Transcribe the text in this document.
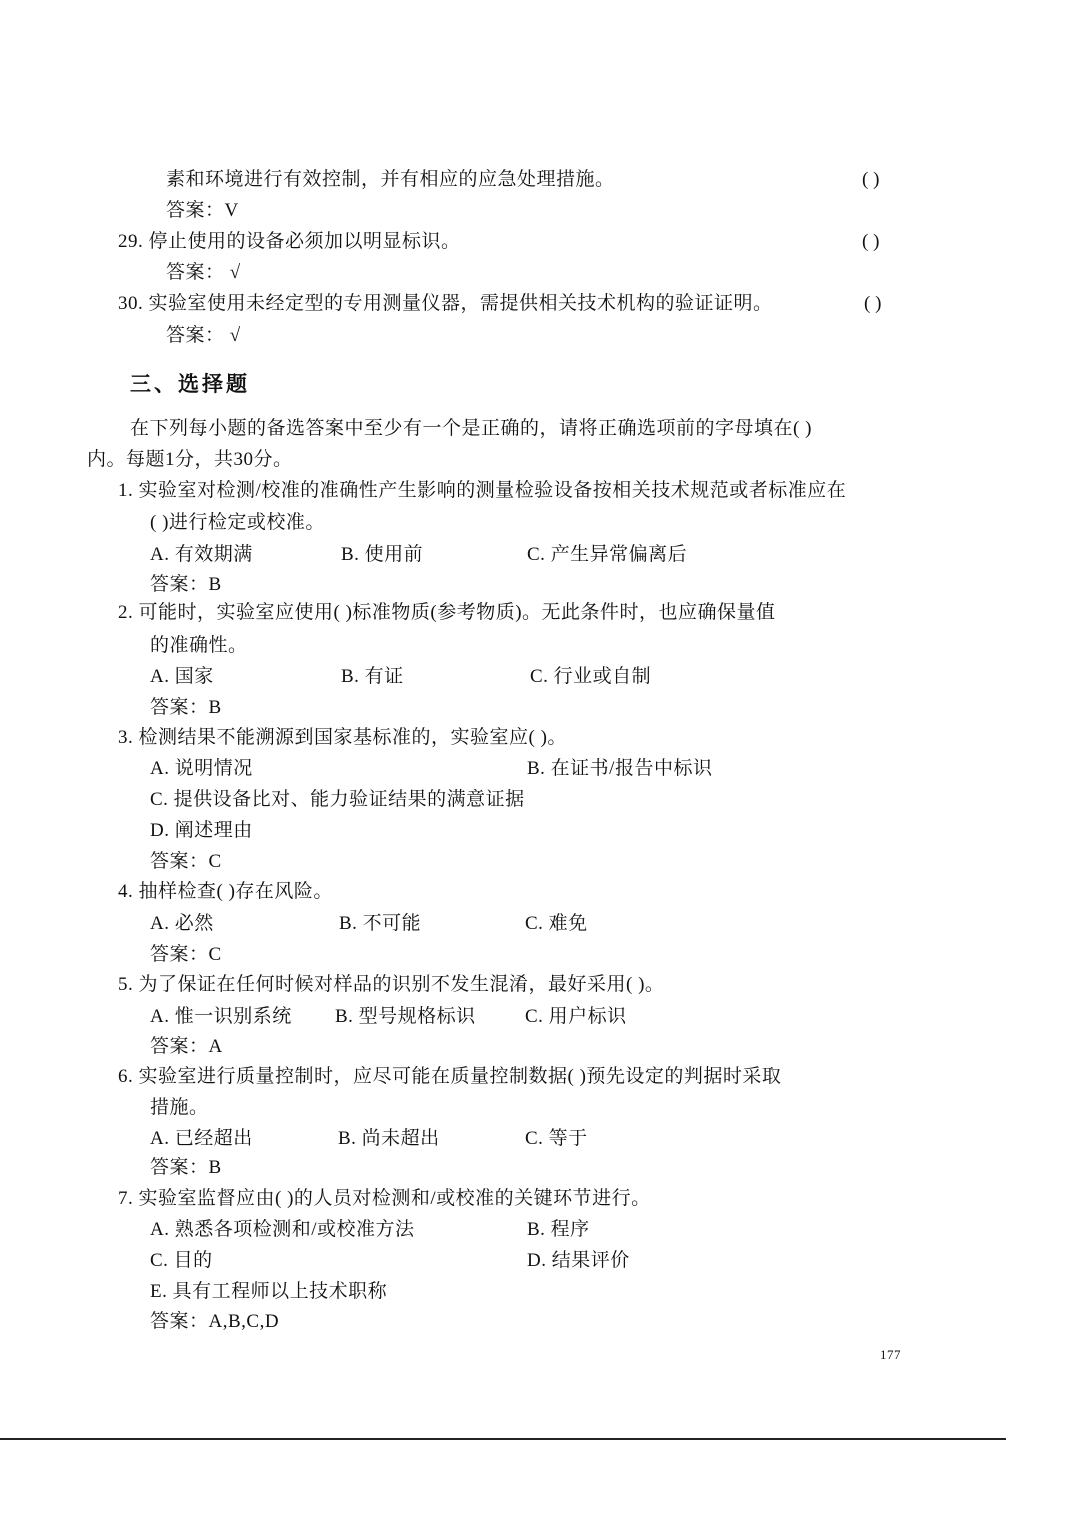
素和环境进行有效控制，并有相应的应急处理措施。	( )
答案：V
29. 停止使用的设备必须加以明显标识。	( )
答案： √
30. 实验室使用未经定型的专用测量仪器，需提供相关技术机构的验证证明。	( )
答案： √
三、选择题
在下列每小题的备选答案中至少有一个是正确的，请将正确选项前的字母填在( )
内。每题1分，共30分。
1. 实验室对检测/校准的准确性产生影响的测量检验设备按相关技术规范或者标准应在
( )进行检定或校准。
A. 有效期满	B. 使用前	C. 产生异常偏离后
答案：B
2. 可能时，实验室应使用( )标准物质(参考物质)。无此条件时，也应确保量值
的准确性。
A. 国家	B. 有证	C. 行业或自制
答案：B
3. 检测结果不能溯源到国家基标准的，实验室应( )。
A. 说明情况	B. 在证书/报告中标识
C. 提供设备比对、能力验证结果的满意证据
D. 阐述理由
答案：C
4. 抽样检查( )存在风险。
A. 必然	B. 不可能	C. 难免
答案：C
5. 为了保证在任何时候对样品的识别不发生混淆，最好采用( )。
A. 惟一识别系统 B. 型号规格标识	C. 用户标识
答案：A
6. 实验室进行质量控制时，应尽可能在质量控制数据( )预先设定的判据时采取
措施。
A. 已经超出	B. 尚未超出	C. 等于
答案：B
7. 实验室监督应由( )的人员对检测和/或校准的关键环节进行。
A. 熟悉各项检测和/或校准方法	B. 程序
C. 目的	D. 结果评价
E. 具有工程师以上技术职称
答案：A,B,C,D
177
